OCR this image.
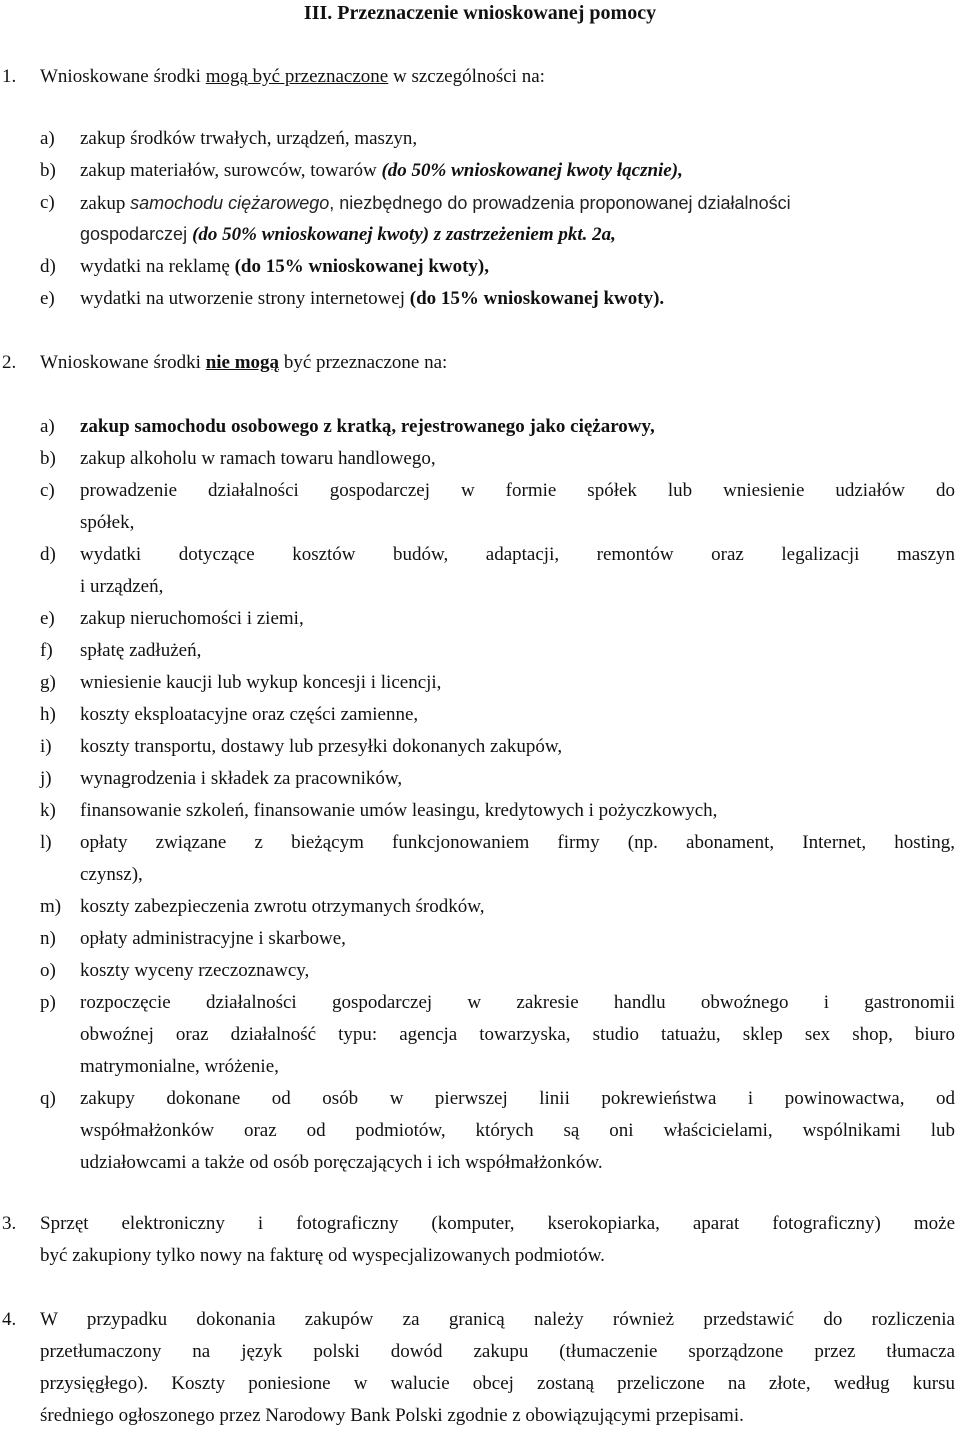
III. Przeznaczenie wnioskowanej pomocy
1. Wnioskowane środki mogą być przeznaczone w szczególności na:
a) zakup środków trwałych, urządzeń, maszyn,
b) zakup materiałów, surowców, towarów (do 50% wnioskowanej kwoty łącznie),
c) zakup samochodu ciężarowego, niezbędnego do prowadzenia proponowanej działalności
gospodarczej (do 50% wnioskowanej kwoty) z zastrzeżeniem pkt. 2a,
d) wydatki na reklamę (do 15% wnioskowanej kwoty),
e) wydatki na utworzenie strony internetowej (do 15% wnioskowanej kwoty).
2. Wnioskowane środki nie mogą być przeznaczone na:
a) zakup samochodu osobowego z kratką, rejestrowanego jako ciężarowy,
b) zakup alkoholu w ramach towaru handlowego,
c) prowadzenie działalności gospodarczej w formie spółek lub wniesienie udziałów do
spółek,
d) wydatki dotyczące kosztów budów, adaptacji, remontów oraz legalizacji maszyn
i urządzeń,
e) zakup nieruchomości i ziemi,
f) spłatę zadłużeń,
g) wniesienie kaucji lub wykup koncesji i licencji,
h) koszty eksploatacyjne oraz części zamienne,
i) koszty transportu, dostawy lub przesyłki dokonanych zakupów,
j) wynagrodzenia i składek za pracowników,
k) finansowanie szkoleń, finansowanie umów leasingu, kredytowych i pożyczkowych,
l) opłaty związane z bieżącym funkcjonowaniem firmy (np. abonament, Internet, hosting,
czynsz),
m) koszty zabezpieczenia zwrotu otrzymanych środków,
n) opłaty administracyjne i skarbowe,
o) koszty wyceny rzeczoznawcy,
p) rozpoczęcie działalności gospodarczej w zakresie handlu obwoźnego i gastronomii
obwoźnej oraz działalność typu: agencja towarzyska, studio tatuażu, sklep sex shop, biuro
matrymonialne, wróżenie,
q) zakupy dokonane od osób w pierwszej linii pokrewieństwa i powinowactwa, od
współmałżonków oraz od podmiotów, których są oni właścicielami, wspólnikami lub
udziałowcami a także od osób poręczających i ich współmałżonków.
3. Sprzęt elektroniczny i fotograficzny (komputer, kserokopiarka, aparat fotograficzny) może
być zakupiony tylko nowy na fakturę od wyspecjalizowanych podmiotów.
4. W przypadku dokonania zakupów za granicą należy również przedstawić do rozliczenia
przetłumaczony na język polski dowód zakupu (tłumaczenie sporządzone przez tłumacza
przysięgłego). Koszty poniesione w walucie obcej zostaną przeliczone na złote, według kursu
średniego ogłoszonego przez Narodowy Bank Polski zgodnie z obowiązującymi przepisami.
